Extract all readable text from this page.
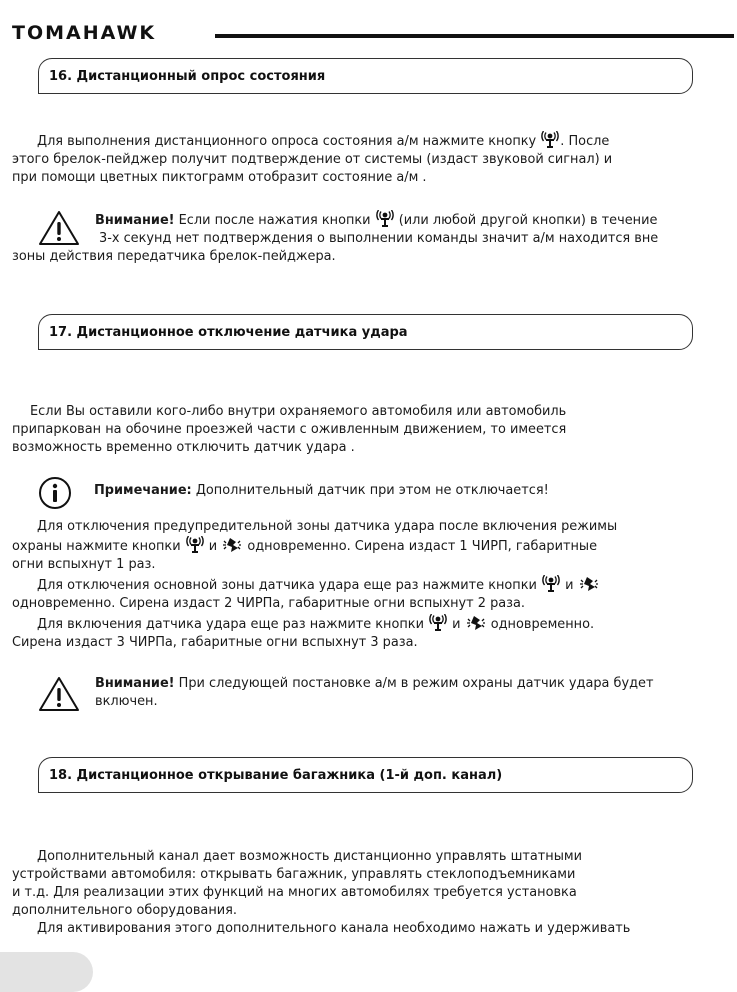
TOMAHAWK
16. Дистанционный опрос состояния

Для выполнения дистанционного опроса состояния а/м нажмите кнопку . После
этого брелок-пейджер получит подтверждение от системы (издаст звуковой сигнал) и
при помощи цветных пиктограмм отобразит состояние а/м .

Внимание! Если после нажатия кнопки  (или любой другой кнопки) в течение
3-х секунд нет подтверждения о выполнении команды значит а/м находится вне
зоны действия передатчика брелок-пейджера.

17. Дистанционное отключение датчика удара

Если Вы оставили кого-либо внутри охраняемого автомобиля или автомобиль
припаркован на обочине проезжей части с оживленным движением, то имеется
возможность временно отключить датчик удара .

Примечание: Дополнительный датчик при этом не отключается!

Для отключения предупредительной зоны датчика удара после включения режимы
охраны нажмите кнопки  и  одновременно. Сирена издаст 1 ЧИРП, габаритные
огни вспыхнут 1 раз.

Для отключения основной зоны датчика удара еще раз нажмите кнопки  и
одновременно. Сирена издаст 2 ЧИРПа, габаритные огни вспыхнут 2 раза.

Для включения датчика удара еще раз нажмите кнопки  и  одновременно.
Сирена издаст 3 ЧИРПа, габаритные огни вспыхнут 3 раза.

Внимание! При следующей постановке а/м в режим охраны датчик удара будет
включен.

18. Дистанционное открывание багажника (1-й доп. канал)

Дополнительный канал дает возможность дистанционно управлять штатными
устройствами автомобиля: открывать багажник, управлять стеклоподъемниками
и т.д. Для реализации этих функций на многих автомобилях требуется установка
дополнительного оборудования.

Для активирования этого дополнительного канала необходимо нажать и удерживать
